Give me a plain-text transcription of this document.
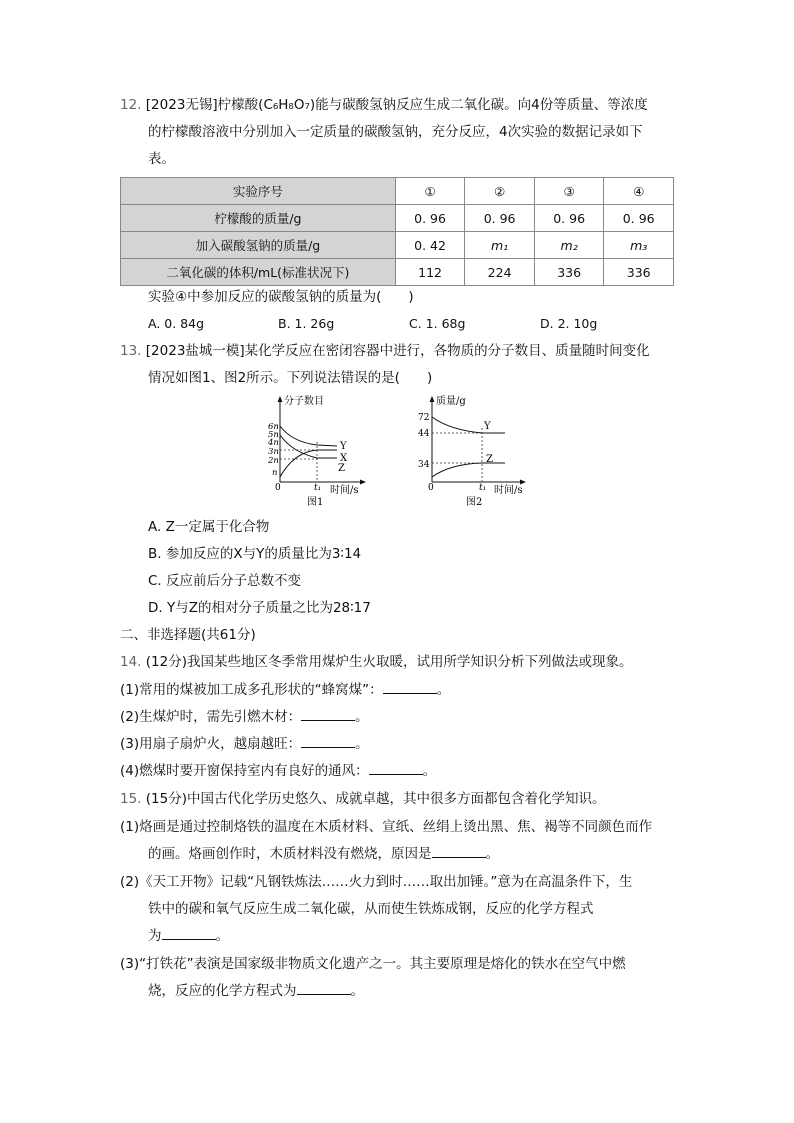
12. [2023无锡]柠檬酸(C₆H₈O₇)能与碳酸氢钠反应生成二氧化碳。向4份等质量、等浓度
的柠檬酸溶液中分别加入一定质量的碳酸氢钠，充分反应，4次实验的数据记录如下
表。
实验序号	①	②	③	④
柠檬酸的质量/g	0. 96	0. 96	0. 96	0. 96
加入碳酸氢钠的质量/g	0. 42	m₁	m₂	m₃
二氧化碳的体积/mL(标准状况下)	112	224	336	336
实验④中参加反应的碳酸氢钠的质量为(　　)
A. 0. 84g	B. 1. 26g	C. 1. 68g	D. 2. 10g
13. [2023盐城一模]某化学反应在密闭容器中进行，各物质的分子数目、质量随时间变化
情况如图1、图2所示。下列说法错误的是(　　)
分子数目
6n
5n
4n
3n
2n
n
Y
X
Z
0	t₁ 时间/s
图1
质量/g
72
44
34
Y
Z
0	t₁ 时间/s
图2
A. Z一定属于化合物
B. 参加反应的X与Y的质量比为3∶14
C. 反应前后分子总数不变
D. Y与Z的相对分子质量之比为28∶17
二、非选择题(共61分)
14. (12分)我国某些地区冬季常用煤炉生火取暖，试用所学知识分析下列做法或现象。
(1)常用的煤被加工成多孔形状的“蜂窝煤”：	。
(2)生煤炉时，需先引燃木材：	。
(3)用扇子扇炉火，越扇越旺：	。
(4)燃煤时要开窗保持室内有良好的通风：	。
15. (15分)中国古代化学历史悠久、成就卓越，其中很多方面都包含着化学知识。
(1)烙画是通过控制烙铁的温度在木质材料、宣纸、丝绢上烫出黑、焦、褐等不同颜色而作
的画。烙画创作时，木质材料没有燃烧，原因是	。
(2)《天工开物》记载“凡钢铁炼法……火力到时……取出加锤。”意为在高温条件下，生
铁中的碳和氧气反应生成二氧化碳，从而使生铁炼成钢，反应的化学方程式
为	。
(3)“打铁花”表演是国家级非物质文化遗产之一。其主要原理是熔化的铁水在空气中燃
烧，反应的化学方程式为	。
